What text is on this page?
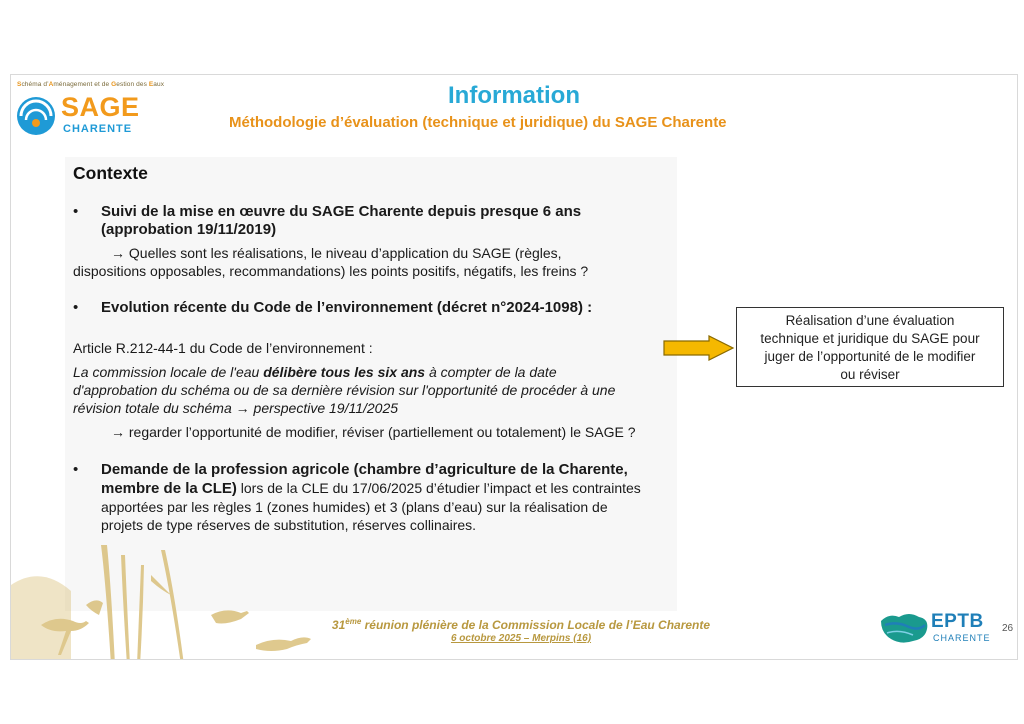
Schéma d’Aménagement et de Gestion des Eaux
SAGE
CHARENTE
Information
Méthodologie d’évaluation (technique et juridique) du SAGE Charente
Contexte
• Suivi de la mise en œuvre du SAGE Charente depuis presque 6 ans
(approbation 19/11/2019)
→ Quelles sont les réalisations, le niveau d’application du SAGE (règles,
dispositions opposables, recommandations) les points positifs, négatifs, les freins ?
• Evolution récente du Code de l’environnement (décret n°2024-1098) :
Article R.212-44-1 du Code de l’environnement :
La commission locale de l'eau délibère tous les six ans à compter de la date
d'approbation du schéma ou de sa dernière révision sur l'opportunité de procéder à une
révision totale du schéma → perspective 19/11/2025
→ regarder l’opportunité de modifier, réviser (partiellement ou totalement) le SAGE ?
• Demande de la profession agricole (chambre d’agriculture de la Charente,
membre de la CLE) lors de la CLE du 17/06/2025 d’étudier l’impact et les contraintes
apportées par les règles 1 (zones humides) et 3 (plans d’eau) sur la réalisation de
projets de type réserves de substitution, réserves collinaires.
Réalisation d’une évaluation
technique et juridique du SAGE pour
juger de l’opportunité de le modifier
ou réviser
31ème réunion plénière de la Commission Locale de l’Eau Charente
6 octobre 2025 – Merpins (16)
EPTB
CHARENTE
26
